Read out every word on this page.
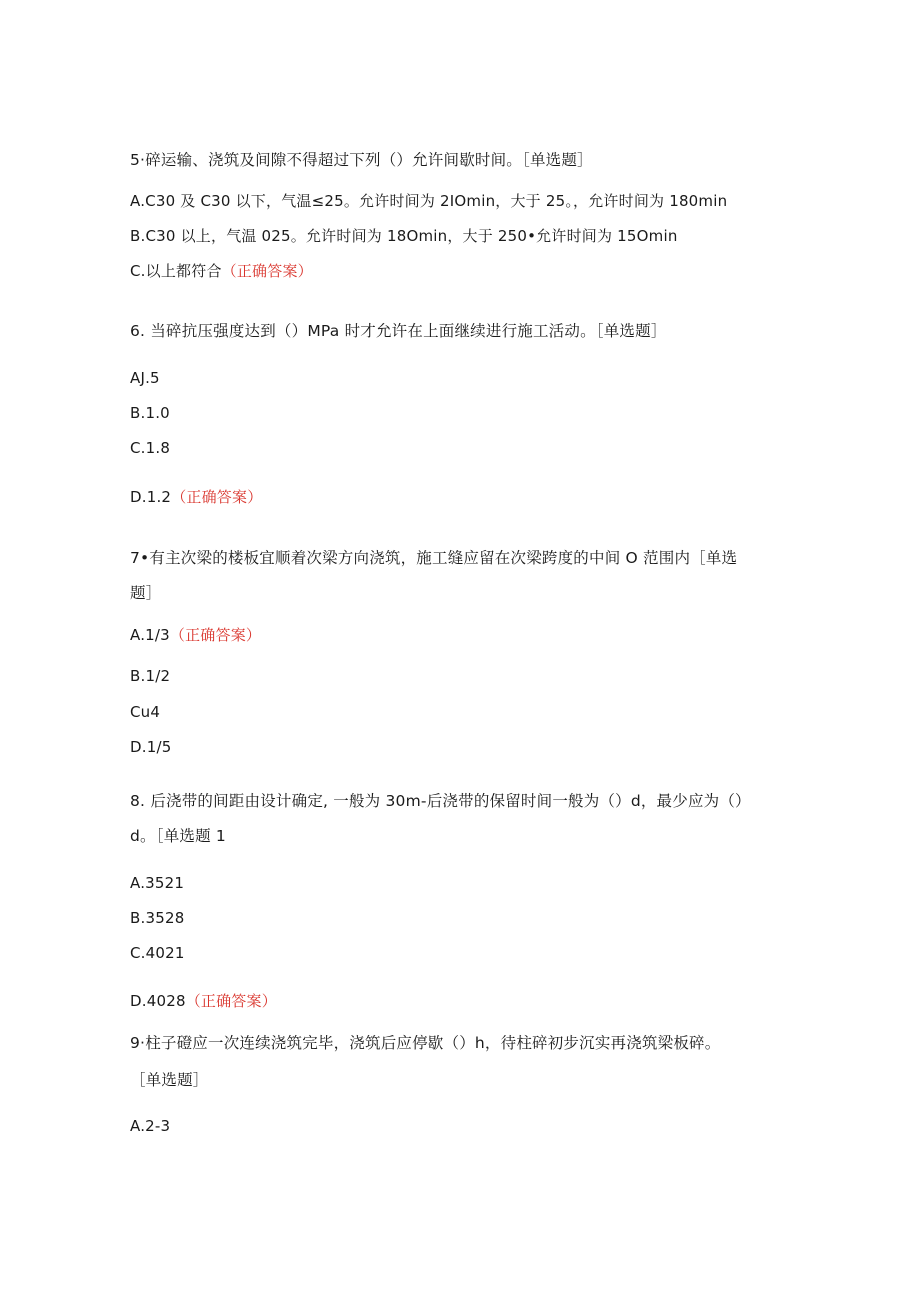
5·碎运输、浇筑及间隙不得超过下列（）允许间歇时间。［单选题］
A.C30 及 C30 以下，气温≤25。允许时间为 2IOmin，大于 25。，允许时间为 180min
B.C30 以上，气温 025。允许时间为 18Omin，大于 250•允许时间为 15Omin
C.以上都符合（正确答案）
6. 当碎抗压强度达到（）MPa 时才允许在上面继续进行施工活动。［单选题］
AJ.5
B.1.0
C.1.8
D.1.2（正确答案）
7•有主次梁的楼板宜顺着次梁方向浇筑，施工缝应留在次梁跨度的中间 O 范围内［单选
题］
A.1/3（正确答案）
B.1/2
Cu4
D.1/5
8. 后浇带的间距由设计确定, 一般为 30m-后浇带的保留时间一般为（）d，最少应为（）
d。［单选题 1
A.3521
B.3528
C.4021
D.4028（正确答案）
9·柱子磴应一次连续浇筑完毕，浇筑后应停歇（）h，待柱碎初步沉实再浇筑梁板碎。
［单选题］
A.2-3
